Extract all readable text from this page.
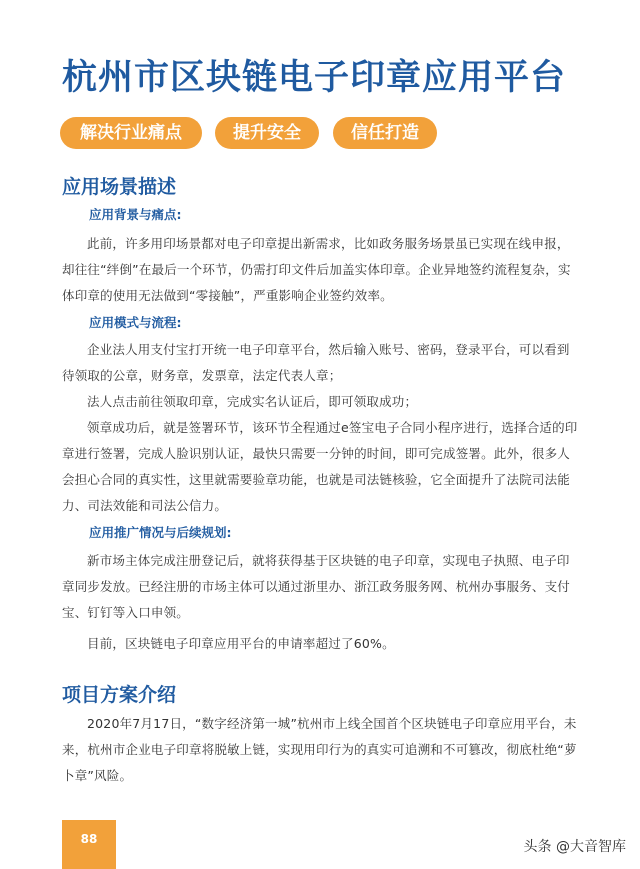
杭州市区块链电子印章应用平台
解决行业痛点	提升安全	信任打造
应用场景描述
应用背景与痛点:

此前，许多用印场景都对电子印章提出新需求，比如政务服务场景虽已实现在线申报，却往往“绊倒”在最后一个环节，仍需打印文件后加盖实体印章。企业异地签约流程复杂，实体印章的使用无法做到“零接触”，严重影响企业签约效率。

应用模式与流程:

企业法人用支付宝打开统一电子印章平台，然后输入账号、密码，登录平台，可以看到待领取的公章，财务章，发票章，法定代表人章；

法人点击前往领取印章，完成实名认证后，即可领取成功；

领章成功后，就是签署环节，该环节全程通过e签宝电子合同小程序进行，选择合适的印章进行签署，完成人脸识别认证，最快只需要一分钟的时间，即可完成签署。此外，很多人会担心合同的真实性，这里就需要验章功能，也就是司法链核验，它全面提升了法院司法能力、司法效能和司法公信力。

应用推广情况与后续规划:

新市场主体完成注册登记后，就将获得基于区块链的电子印章，实现电子执照、电子印章同步发放。已经注册的市场主体可以通过浙里办、浙江政务服务网、杭州办事服务、支付宝、钉钉等入口申领。

目前，区块链电子印章应用平台的申请率超过了60%。

项目方案介绍

2020年7月17日，“数字经济第一城”杭州市上线全国首个区块链电子印章应用平台，未来，杭州市企业电子印章将脱敏上链，实现用印行为的真实可追溯和不可篡改，彻底杜绝“萝卜章”风险。

88	头条 @大音智库
